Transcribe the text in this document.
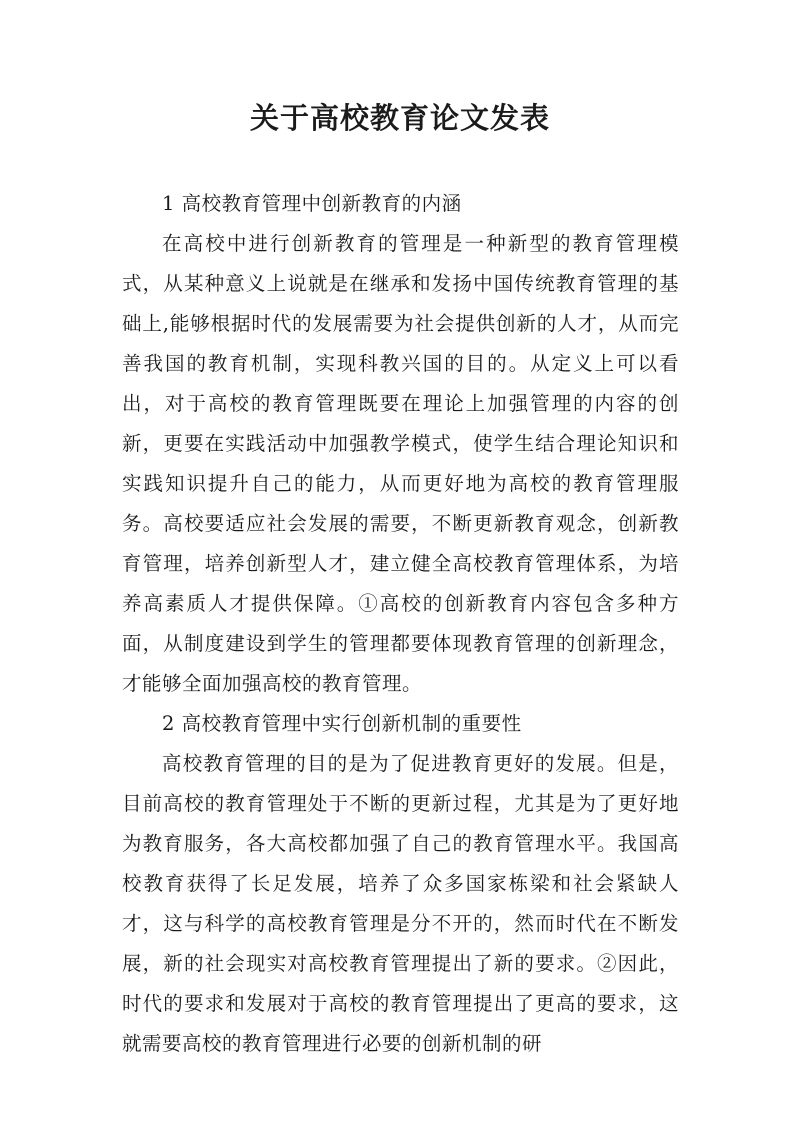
关于高校教育论文发表
1 高校教育管理中创新教育的内涵

在高校中进行创新教育的管理是一种新型的教育管理模式，从某种意义上说就是在继承和发扬中国传统教育管理的基础上,能够根据时代的发展需要为社会提供创新的人才，从而完善我国的教育机制，实现科教兴国的目的。从定义上可以看出，对于高校的教育管理既要在理论上加强管理的内容的创新，更要在实践活动中加强教学模式，使学生结合理论知识和实践知识提升自己的能力，从而更好地为高校的教育管理服务。高校要适应社会发展的需要，不断更新教育观念，创新教育管理，培养创新型人才，建立健全高校教育管理体系，为培养高素质人才提供保障。①高校的创新教育内容包含多种方面，从制度建设到学生的管理都要体现教育管理的创新理念，才能够全面加强高校的教育管理。

2 高校教育管理中实行创新机制的重要性

高校教育管理的目的是为了促进教育更好的发展。但是，目前高校的教育管理处于不断的更新过程，尤其是为了更好地为教育服务，各大高校都加强了自己的教育管理水平。我国高校教育获得了长足发展，培养了众多国家栋梁和社会紧缺人才，这与科学的高校教育管理是分不开的，然而时代在不断发展，新的社会现实对高校教育管理提出了新的要求。②因此，时代的要求和发展对于高校的教育管理提出了更高的要求，这就需要高校的教育管理进行必要的创新机制的研
